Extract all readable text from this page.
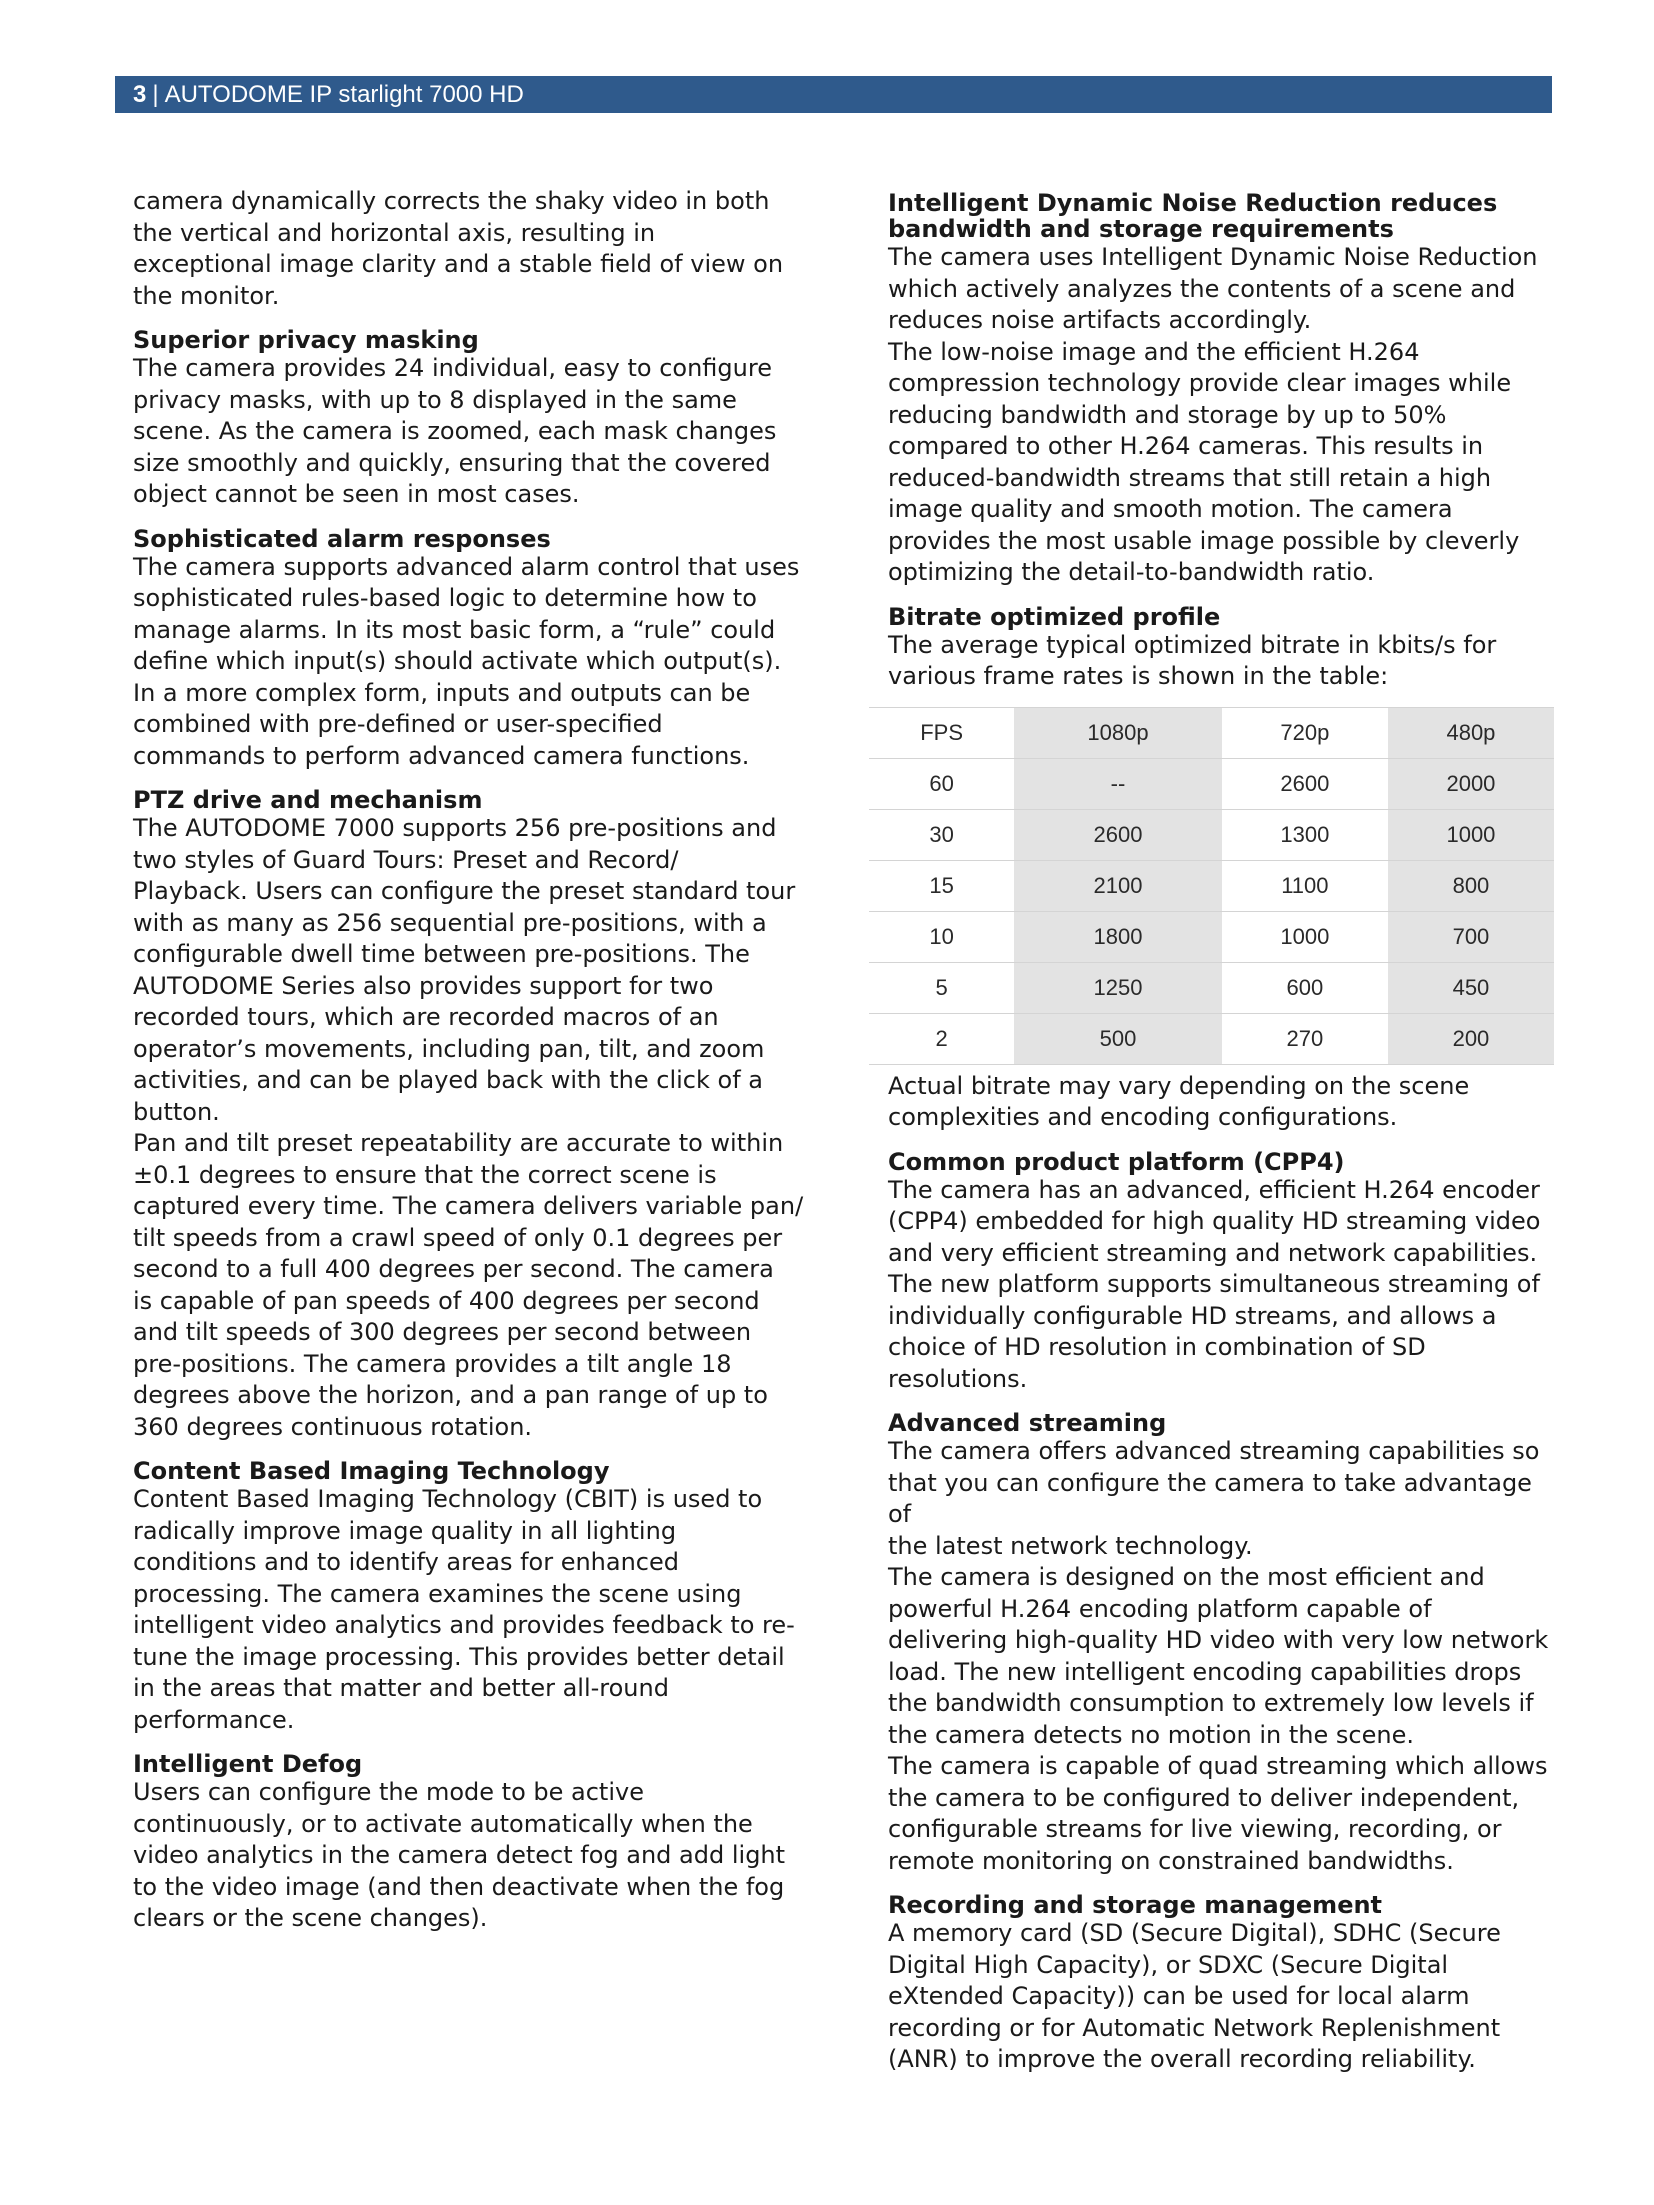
3 | AUTODOME IP starlight 7000 HD

camera dynamically corrects the shaky video in both

the vertical and horizontal axis, resulting in

exceptional image clarity and a stable field of view on

the monitor.

Superior privacy masking

The camera provides 24 individual, easy to configure

privacy masks, with up to 8 displayed in the same

scene. As the camera is zoomed, each mask changes

size smoothly and quickly, ensuring that the covered

object cannot be seen in most cases.

Sophisticated alarm responses

The camera supports advanced alarm control that uses

sophisticated rules-based logic to determine how to

manage alarms. In its most basic form, a “rule” could

define which input(s) should activate which output(s).

In a more complex form, inputs and outputs can be

combined with pre-defined or user-specified

commands to perform advanced camera functions.

PTZ drive and mechanism

The AUTODOME 7000 supports 256 pre-positions and

two styles of Guard Tours: Preset and Record/

Playback. Users can configure the preset standard tour

with as many as 256 sequential pre-positions, with a

configurable dwell time between pre-positions. The

AUTODOME Series also provides support for two

recorded tours, which are recorded macros of an

operator’s movements, including pan, tilt, and zoom

activities, and can be played back with the click of a

button.

Pan and tilt preset repeatability are accurate to within

±0.1 degrees to ensure that the correct scene is

captured every time. The camera delivers variable pan/

tilt speeds from a crawl speed of only 0.1 degrees per

second to a full 400 degrees per second. The camera

is capable of pan speeds of 400 degrees per second

and tilt speeds of 300 degrees per second between

pre-positions. The camera provides a tilt angle 18

degrees above the horizon, and a pan range of up to

360 degrees continuous rotation.

Content Based Imaging Technology

Content Based Imaging Technology (CBIT) is used to

radically improve image quality in all lighting

conditions and to identify areas for enhanced

processing. The camera examines the scene using

intelligent video analytics and provides feedback to re-

tune the image processing. This provides better detail

in the areas that matter and better all-round

performance.

Intelligent Defog

Users can configure the mode to be active

continuously, or to activate automatically when the

video analytics in the camera detect fog and add light

to the video image (and then deactivate when the fog

clears or the scene changes).

Intelligent Dynamic Noise Reduction reduces

bandwidth and storage requirements

The camera uses Intelligent Dynamic Noise Reduction

which actively analyzes the contents of a scene and

reduces noise artifacts accordingly.

The low-noise image and the efficient H.264

compression technology provide clear images while

reducing bandwidth and storage by up to 50%

compared to other H.264 cameras. This results in

reduced-bandwidth streams that still retain a high

image quality and smooth motion. The camera

provides the most usable image possible by cleverly

optimizing the detail-to-bandwidth ratio.

Bitrate optimized profile

The average typical optimized bitrate in kbits/s for

various frame rates is shown in the table:

FPS	1080p	720p	480p
60	--	2600	2000
30	2600	1300	1000
15	2100	1100	800
10	1800	1000	700
5	1250	600	450
2	500	270	200

Actual bitrate may vary depending on the scene

complexities and encoding configurations.

Common product platform (CPP4)

The camera has an advanced, efficient H.264 encoder

(CPP4) embedded for high quality HD streaming video

and very efficient streaming and network capabilities.

The new platform supports simultaneous streaming of

individually configurable HD streams, and allows a

choice of HD resolution in combination of SD

resolutions.

Advanced streaming

The camera offers advanced streaming capabilities so

that you can configure the camera to take advantage of

the latest network technology.

The camera is designed on the most efficient and

powerful H.264 encoding platform capable of

delivering high-quality HD video with very low network

load. The new intelligent encoding capabilities drops

the bandwidth consumption to extremely low levels if

the camera detects no motion in the scene.

The camera is capable of quad streaming which allows

the camera to be configured to deliver independent,

configurable streams for live viewing, recording, or

remote monitoring on constrained bandwidths.

Recording and storage management

A memory card (SD (Secure Digital), SDHC (Secure

Digital High Capacity), or SDXC (Secure Digital

eXtended Capacity)) can be used for local alarm

recording or for Automatic Network Replenishment

(ANR) to improve the overall recording reliability.
